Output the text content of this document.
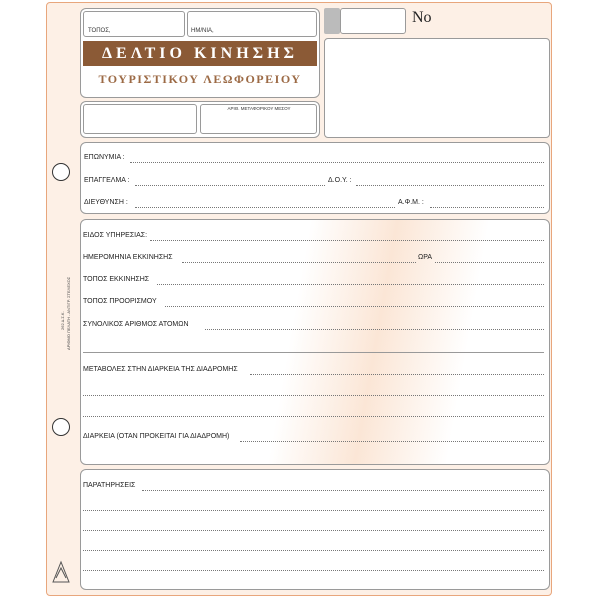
262 Δ.Σ.Κ. ΑΡΙΘΜΟ ΠΕΛΑΤΗ - ΑΝΤΙΓΡ. ΣΤΕΛΕΧΟΣ
ΤΟΠΟΣ,	ΗΜ/ΝΙΑ,
ΔΕΛΤΙΟ ΚΙΝΗΣΗΣ
ΤΟΥΡΙΣΤΙΚΟΥ ΛΕΩΦΟΡΕΙΟΥ
ΑΡΙΘ. ΜΕΤΑΦΟΡΙΚΟΥ ΜΕΣΟΥ
Νο
ΕΠΩΝΥΜΙΑ :
ΕΠΑΓΓΕΛΜΑ :	Δ.Ο.Υ. :
ΔΙΕΥΘΥΝΣΗ :	Α.Φ.Μ. :
ΕΙΔΟΣ ΥΠΗΡΕΣΙΑΣ:
ΗΜΕΡΟΜΗΝΙΑ ΕΚΚΙΝΗΣΗΣ	ΩΡΑ
ΤΟΠΟΣ ΕΚΚΙΝΗΣΗΣ
ΤΟΠΟΣ ΠΡΟΟΡΙΣΜΟΥ
ΣΥΝΟΛΙΚΟΣ ΑΡΙΘΜΟΣ ΑΤΟΜΩΝ
ΜΕΤΑΒΟΛΕΣ ΣΤΗΝ ΔΙΑΡΚΕΙΑ ΤΗΣ ΔΙΑΔΡΟΜΗΣ
ΔΙΑΡΚΕΙΑ (ΟΤΑΝ ΠΡΟΚΕΙΤΑΙ ΓΙΑ ΔΙΑΔΡΟΜΗ)
ΠΑΡΑΤΗΡΗΣΕΙΣ
